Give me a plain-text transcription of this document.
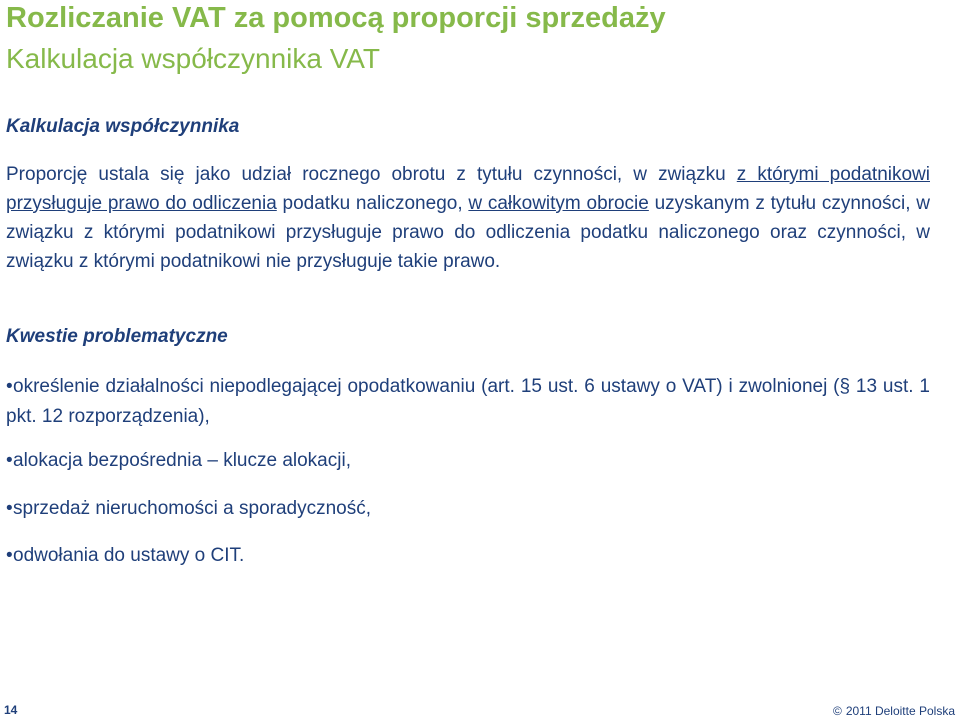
Rozliczanie VAT za pomocą proporcji sprzedaży
Kalkulacja współczynnika VAT
Kalkulacja współczynnika
Proporcję ustala się jako udział rocznego obrotu z tytułu czynności, w związku z którymi podatnikowi przysługuje prawo do odliczenia podatku naliczonego, w całkowitym obrocie uzyskanym z tytułu czynności, w związku z którymi podatnikowi przysługuje prawo do odliczenia podatku naliczonego oraz czynności, w związku z którymi podatnikowi nie przysługuje takie prawo.
Kwestie problematyczne
•określenie działalności niepodlegającej opodatkowaniu (art. 15 ust. 6 ustawy o VAT) i zwolnionej (§ 13 ust. 1 pkt. 12 rozporządzenia),
•alokacja bezpośrednia – klucze alokacji,
•sprzedaż nieruchomości a sporadyczność,
•odwołania do ustawy o CIT.
14	© 2011 Deloitte Polska
